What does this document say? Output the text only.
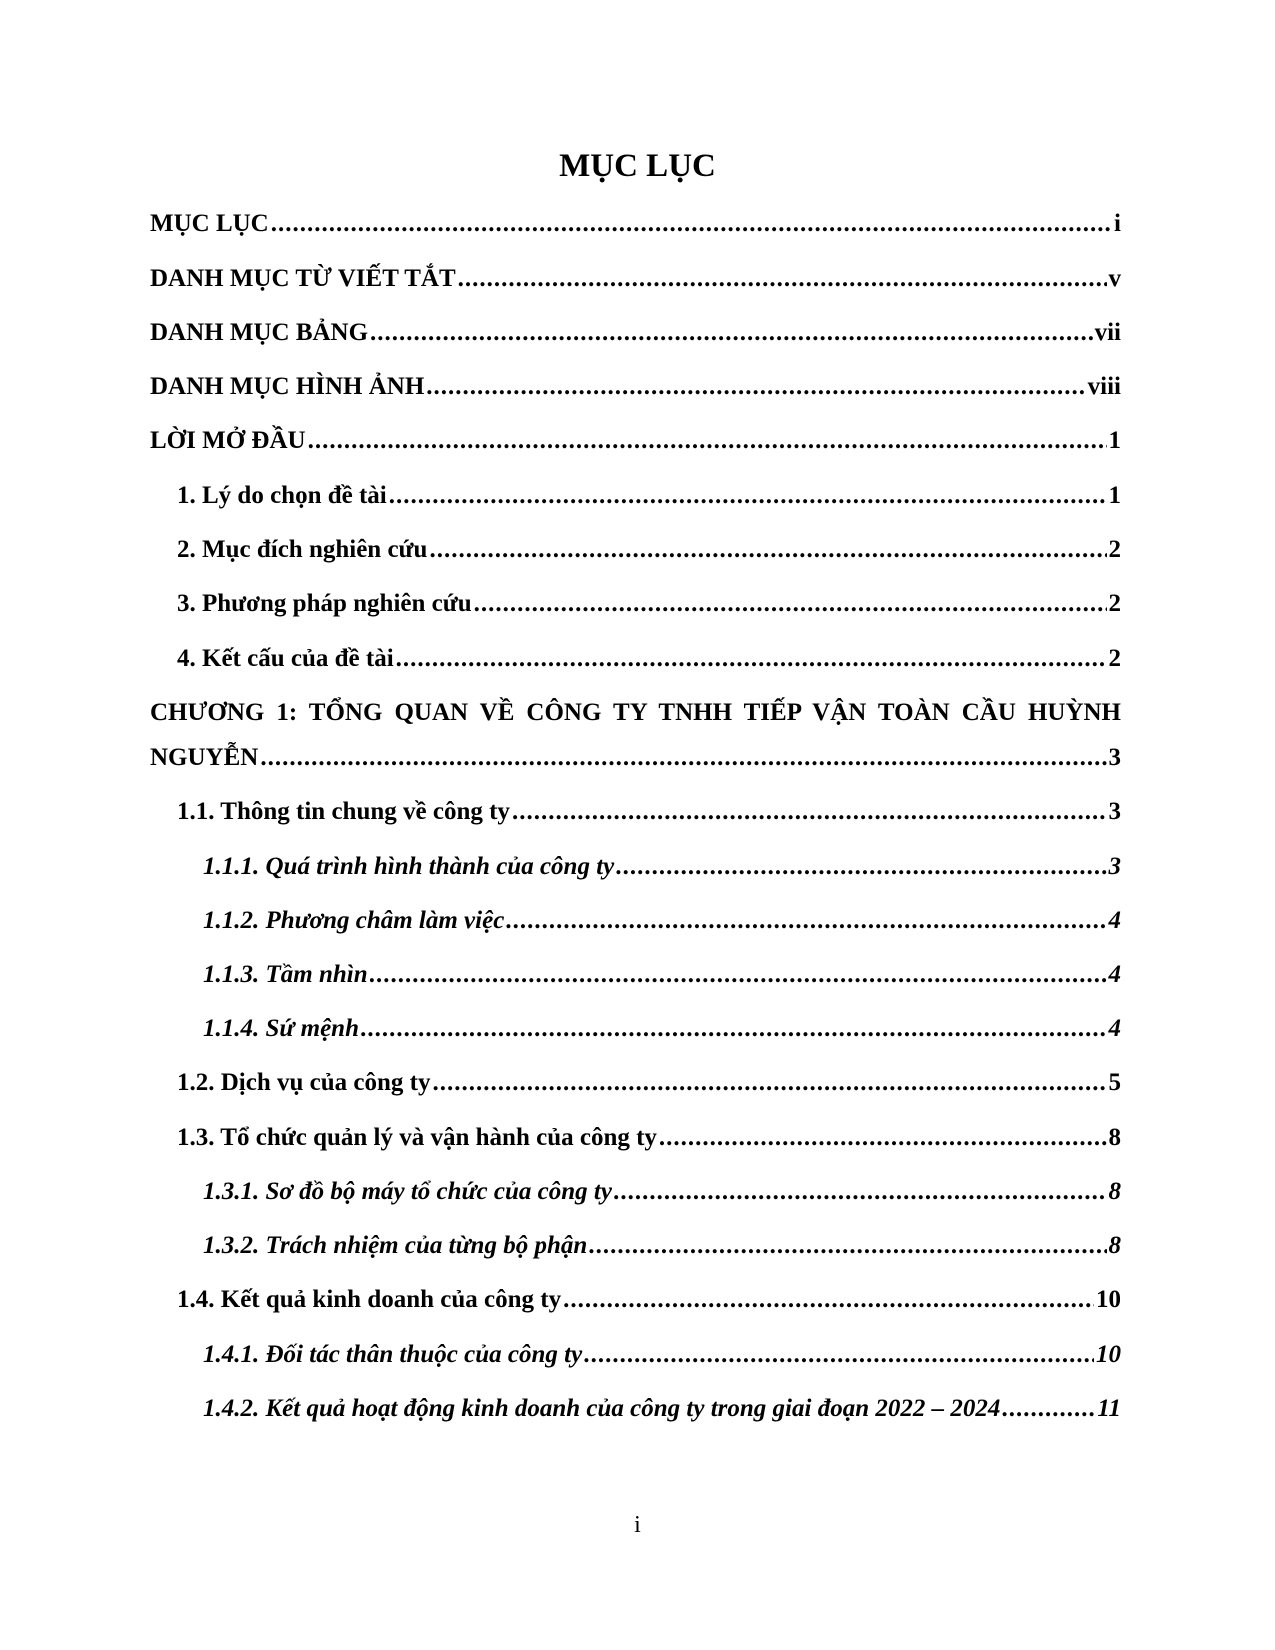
MỤC LỤC
MỤC LỤC .....	i
DANH MỤC TỪ VIẾT TẮT .....	v
DANH MỤC BẢNG .....	vii
DANH MỤC HÌNH ẢNH .....	viii
LỜI MỞ ĐẦU .....	1
1. Lý do chọn đề tài .....	1
2. Mục đích nghiên cứu .....	2
3. Phương pháp nghiên cứu .....	2
4. Kết cấu của đề tài .....	2
CHƯƠNG 1: TỔNG QUAN VỀ CÔNG TY TNHH TIẾP VẬN TOÀN CẦU HUỲNH
NGUYỄN .....	3
1.1. Thông tin chung về công ty .....	3
1.1.1. Quá trình hình thành của công ty .....	3
1.1.2. Phương châm làm việc .....	4
1.1.3. Tầm nhìn .....	4
1.1.4. Sứ mệnh .....	4
1.2. Dịch vụ của công ty .....	5
1.3. Tổ chức quản lý và vận hành của công ty .....	8
1.3.1. Sơ đồ bộ máy tổ chức của công ty .....	8
1.3.2. Trách nhiệm của từng bộ phận .....	8
1.4. Kết quả kinh doanh của công ty .....	10
1.4.1. Đối tác thân thuộc của công ty .....	10
1.4.2. Kết quả hoạt động kinh doanh của công ty trong giai đoạn 2022 – 2024 .....	11
i
